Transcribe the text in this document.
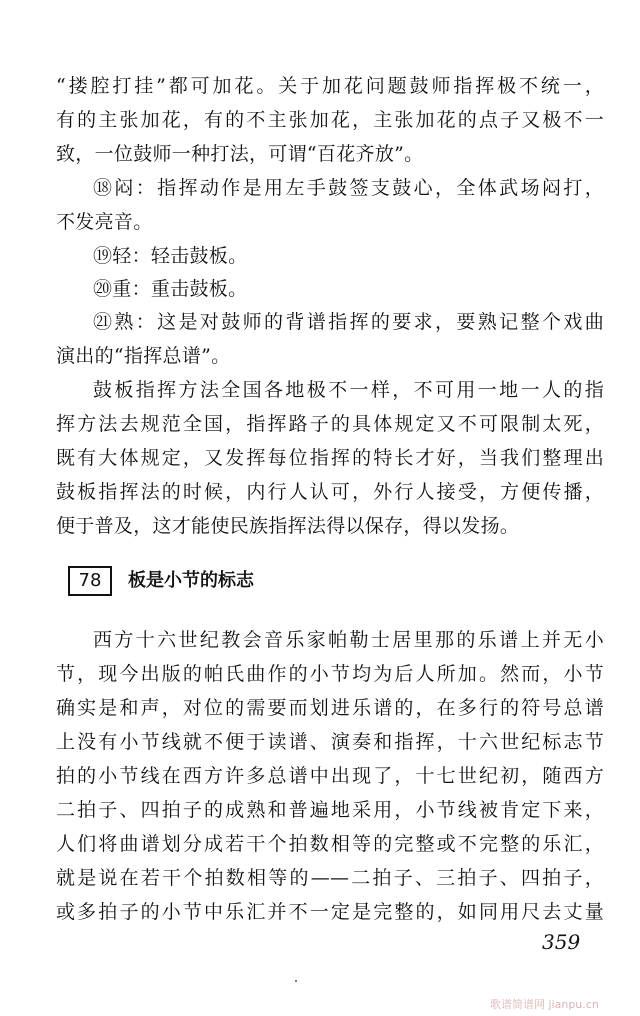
“搂腔打挂”都可加花。关于加花问题鼓师指挥极不统一，
有的主张加花，有的不主张加花，主张加花的点子又极不一
致，一位鼓师一种打法，可谓“百花齐放”。
⑱闷：指挥动作是用左手鼓签支鼓心，全体武场闷打，
不发亮音。
⑲轻：轻击鼓板。
⑳重：重击鼓板。
㉑熟：这是对鼓师的背谱指挥的要求，要熟记整个戏曲
演出的“指挥总谱”。
鼓板指挥方法全国各地极不一样，不可用一地一人的指
挥方法去规范全国，指挥路子的具体规定又不可限制太死，
既有大体规定，又发挥每位指挥的特长才好，当我们整理出
鼓板指挥法的时候，内行人认可，外行人接受，方便传播，
便于普及，这才能使民族指挥法得以保存，得以发扬。
78	板是小节的标志
西方十六世纪教会音乐家帕勒士居里那的乐谱上并无小
节，现今出版的帕氏曲作的小节均为后人所加。然而，小节
确实是和声，对位的需要而划进乐谱的，在多行的符号总谱
上没有小节线就不便于读谱、演奏和指挥，十六世纪标志节
拍的小节线在西方许多总谱中出现了，十七世纪初，随西方
二拍子、四拍子的成熟和普遍地采用，小节线被肯定下来，
人们将曲谱划分成若干个拍数相等的完整或不完整的乐汇，
就是说在若干个拍数相等的——二拍子、三拍子、四拍子，
或多拍子的小节中乐汇并不一定是完整的，如同用尺去丈量
359
歌谱简谱网 jianpu.cn
